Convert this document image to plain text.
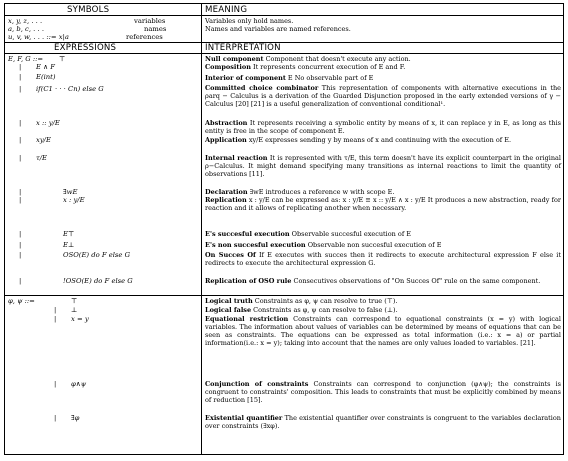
SYMBOLS	MEANING
x, y, z, . . .	variables	Variables only hold names.
a, b, c, . . .	names	Names and variables are named references.
u, v, w, . . . ::= x|a	references
EXPRESSIONS	INTERPRETATION
E, F, G ::= ⊤	Null component Component that doesn't execute any action.
| E ∧ F	Composition It represents concurrent execution of E and F.
| E(int)	Interior of component E No observable part of E
| if(C1 · · · Cn) else G	Committed choice combinator This representation of components with alternative executions in the ρarq − Calculus is a derivation of the Guarded Disjunction proposed in the early extended versions of γ − Calculus [20] [21] is a useful generalization of conventional conditional¹.
| x :: y/E	Abstraction It represents receiving a symbolic entity by means of x, it can replace y in E, as long as this entity is free in the scope of component E.
| xy/E	Application xy/E expresses sending y by means of x and continuing with the execution of E.
| τ/E	Internal reaction It is represented with τ/E, this term doesn't have its explicit counterpart in the original ρ−Calculus. It might demand specifying many transitions as internal reactions to limit the quantity of observations [11].
|	∃wE	Declaration ∃wE introduces a reference w with scope E.
|	x : y/E	Replication x : y/E can be expressed as: x : y/E ≡ x :: y/E ∧ x : y/E It produces a new abstraction, ready for reaction and it allows of replicating another when necessary.
|	E⊤	E's succesful execution Observable succesful execution of E
|	E⊥	E's non succesful execution Observable non succesful execution of E
|	OSO(E) do F else G	On Succes Of If E executes with succes then it redirects to execute architectural expression F else it redirects to execute the architectural expression G.
|	!OSO(E) do F else G	Replication of OSO rule Consecutives observations of "On Succes Of" rule on the same component.
φ, ψ ::=	⊤	Logical truth Constraints as φ, ψ can resolve to true (⊤).
| ⊥	Logical false Constraints as φ, ψ can resolve to false (⊥).
| x = y	Equational restriction Constraints can correspond to equational constraints (x = y) with logical variables. The information about values of variables can be determined by means of equations that can be seen as constraints. The equations can be expressed as total information (i.e.: x = a) or partial information(i.e.: x = y); taking into account that the names are only values loaded to variables. [21].
| φ∧ψ	Conjunction of constraints Constraints can correspond to conjunction (φ∧ψ); the constraints is congruent to constraints' composition. This leads to constraints that must be explicitly combined by means of reduction [15].
| ∃φ	Existential quantifier The existential quantifier over constraints is congruent to the variables declaration over constraints (∃xφ).
